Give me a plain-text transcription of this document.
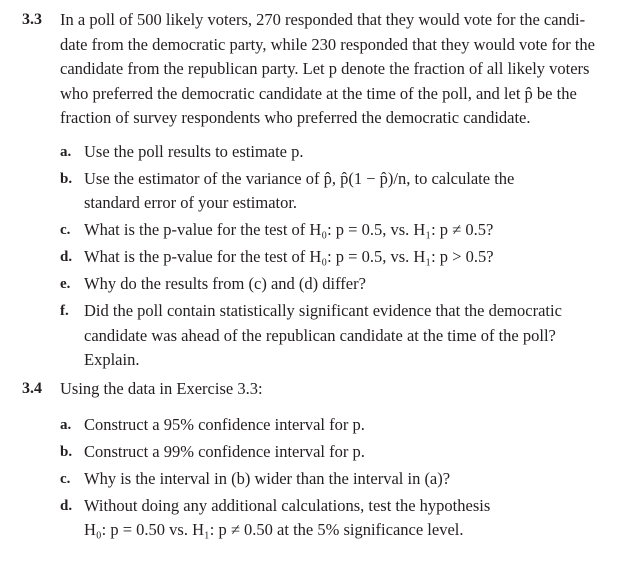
3.3 In a poll of 500 likely voters, 270 responded that they would vote for the candi-
date from the democratic party, while 230 responded that they would vote for the
candidate from the republican party. Let p denote the fraction of all likely voters
who preferred the democratic candidate at the time of the poll, and let p̂ be the
fraction of survey respondents who preferred the democratic candidate.
a. Use the poll results to estimate p.
b. Use the estimator of the variance of p̂, p̂(1 − p̂)/n, to calculate the
standard error of your estimator.
c. What is the p-value for the test of H₀: p = 0.5, vs. H₁: p ≠ 0.5?
d. What is the p-value for the test of H₀: p = 0.5, vs. H₁: p > 0.5?
e. Why do the results from (c) and (d) differ?
f. Did the poll contain statistically significant evidence that the democratic
candidate was ahead of the republican candidate at the time of the poll?
Explain.
3.4 Using the data in Exercise 3.3:
a. Construct a 95% confidence interval for p.
b. Construct a 99% confidence interval for p.
c. Why is the interval in (b) wider than the interval in (a)?
d. Without doing any additional calculations, test the hypothesis
H₀: p = 0.50 vs. H₁: p ≠ 0.50 at the 5% significance level.
